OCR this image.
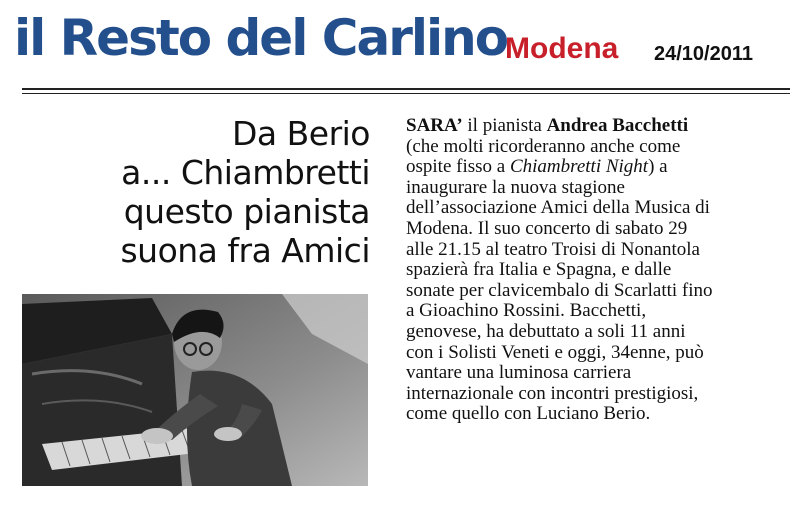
il Resto del Carlino
Modena 24/10/2011
Da Berio
a... Chiambretti
questo pianista
suona fra Amici
SARA’ il pianista Andrea Bacchetti
(che molti ricorderanno anche come
ospite fisso a Chiambretti Night) a
inaugurare la nuova stagione
dell’associazione Amici della Musica di
Modena. Il suo concerto di sabato 29
alle 21.15 al teatro Troisi di Nonantola
spazierà fra Italia e Spagna, e dalle
sonate per clavicembalo di Scarlatti fino
a Gioachino Rossini. Bacchetti,
genovese, ha debuttato a soli 11 anni
con i Solisti Veneti e oggi, 34enne, può
vantare una luminosa carriera
internazionale con incontri prestigiosi,
come quello con Luciano Berio.
